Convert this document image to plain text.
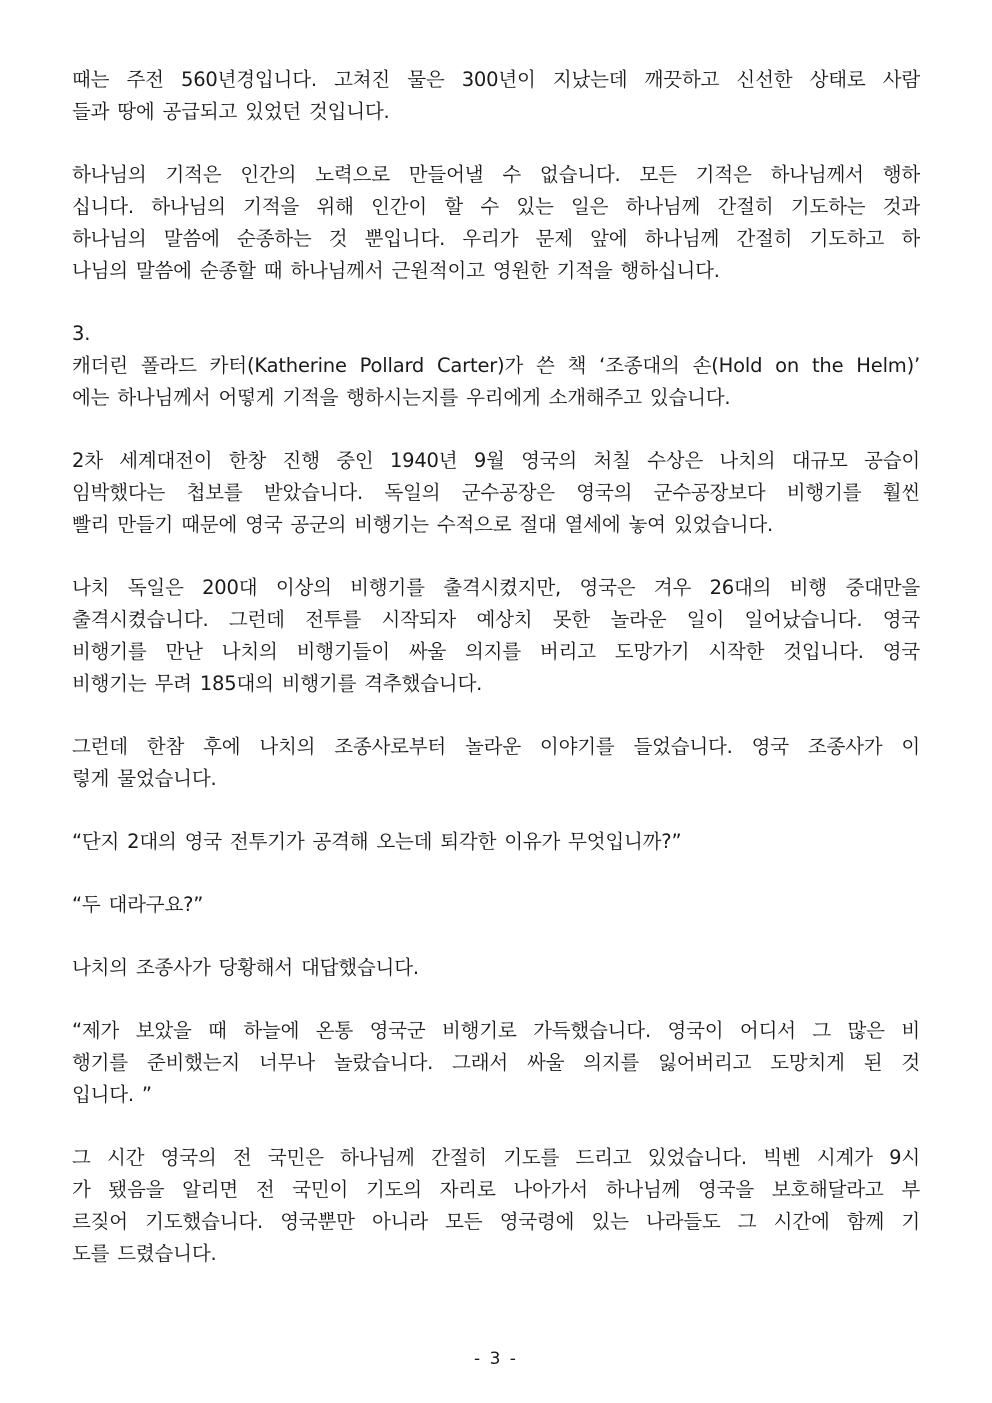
때는 주전 560년경입니다. 고쳐진 물은 300년이 지났는데 깨끗하고 신선한 상태로 사람
들과 땅에 공급되고 있었던 것입니다.
하나님의 기적은 인간의 노력으로 만들어낼 수 없습니다. 모든 기적은 하나님께서 행하
십니다. 하나님의 기적을 위해 인간이 할 수 있는 일은 하나님께 간절히 기도하는 것과
하나님의 말씀에 순종하는 것 뿐입니다. 우리가 문제 앞에 하나님께 간절히 기도하고 하
나님의 말씀에 순종할 때 하나님께서 근원적이고 영원한 기적을 행하십니다.
3.
캐더린 폴라드 카터(Katherine Pollard Carter)가 쓴 책 ‘조종대의 손(Hold on the Helm)’
에는 하나님께서 어떻게 기적을 행하시는지를 우리에게 소개해주고 있습니다.
2차 세계대전이 한창 진행 중인 1940년 9월 영국의 처칠 수상은 나치의 대규모 공습이
임박했다는 첩보를 받았습니다. 독일의 군수공장은 영국의 군수공장보다 비행기를 훨씬
빨리 만들기 때문에 영국 공군의 비행기는 수적으로 절대 열세에 놓여 있었습니다.
나치 독일은 200대 이상의 비행기를 출격시켰지만, 영국은 겨우 26대의 비행 중대만을
출격시켰습니다. 그런데 전투를 시작되자 예상치 못한 놀라운 일이 일어났습니다. 영국
비행기를 만난 나치의 비행기들이 싸울 의지를 버리고 도망가기 시작한 것입니다. 영국
비행기는 무려 185대의 비행기를 격추했습니다.
그런데 한참 후에 나치의 조종사로부터 놀라운 이야기를 들었습니다. 영국 조종사가 이
렇게 물었습니다.
“단지 2대의 영국 전투기가 공격해 오는데 퇴각한 이유가 무엇입니까?”
“두 대라구요?”
나치의 조종사가 당황해서 대답했습니다.
“제가 보았을 때 하늘에 온통 영국군 비행기로 가득했습니다. 영국이 어디서 그 많은 비
행기를 준비했는지 너무나 놀랐습니다. 그래서 싸울 의지를 잃어버리고 도망치게 된 것
입니다. ”
그 시간 영국의 전 국민은 하나님께 간절히 기도를 드리고 있었습니다. 빅벤 시계가 9시
가 됐음을 알리면 전 국민이 기도의 자리로 나아가서 하나님께 영국을 보호해달라고 부
르짖어 기도했습니다. 영국뿐만 아니라 모든 영국령에 있는 나라들도 그 시간에 함께 기
도를 드렸습니다.
- 3 -
